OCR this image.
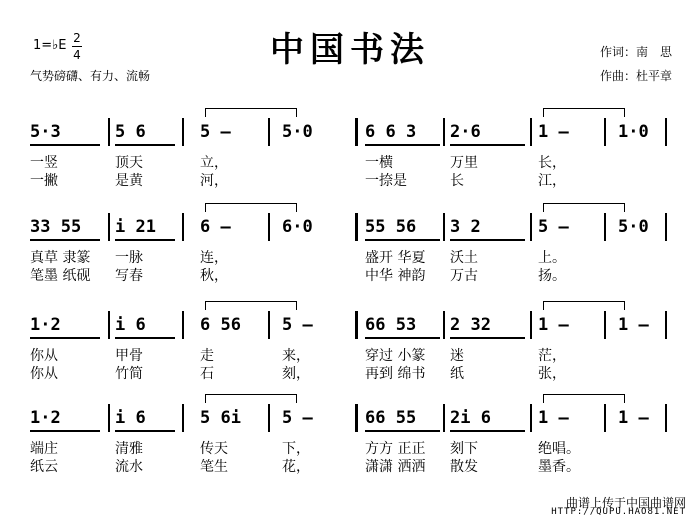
中国书法
1=♭E 2
4
气势磅礴、有力、流畅
作词：南　思
作曲：杜平章
5·3
一竖
一撇
5 6
顶天
是黄
5 –
立，
河，
5·0	6 6 3
一横
一捺是
2·6
万里
长
1 –
长，
江，
1·0
33 55
真草 隶篆
笔墨 纸砚
i 21
一脉
写春
6 –
连，
秋，
6·0	55 56
盛开 华夏
中华 神韵
3 2
沃土
万古
5 –
上。
扬。
5·0
1·2
你从
你从
i 6
甲骨
竹简
6 56
走
石
5 –
来，
刻，
66 53
穿过 小篆
再到 绵书
2 32
迷
纸
1 –
茫，
张，
1 –
1·2
端庄
纸云
i 6
清雅
流水
5 6i
传天
笔生
5 –
下，
花，
66 55
方方 正正
潇潇 洒洒
2i 6
刻下
散发
1 –
绝唱。
墨香。
1 –
曲谱上传于中国曲谱网
HTTP://QUPU.HAO81.NET
